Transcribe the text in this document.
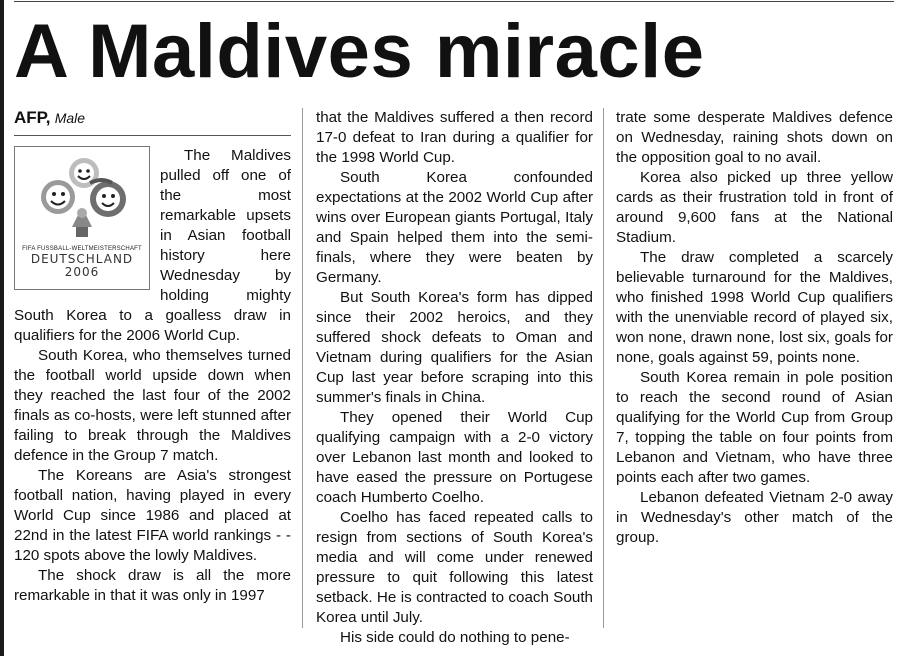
A Maldives miracle
AFP, Male
FIFA FUSSBALL-WELTMEISTERSCHAFT
DEUTSCHLAND
2006

The Maldives pulled off one of the most remarkable upsets in Asian football history here Wednesday by holding mighty South Korea to a goalless draw in qualifiers for the 2006 World Cup.

South Korea, who themselves turned the football world upside down when they reached the last four of the 2002 finals as co-hosts, were left stunned after failing to break through the Maldives defence in the Group 7 match.

The Koreans are Asia's strongest football nation, having played in every World Cup since 1986 and placed at 22nd in the latest FIFA world rankings - - 120 spots above the lowly Maldives.

The shock draw is all the more remarkable in that it was only in 1997

that the Maldives suffered a then record 17-0 defeat to Iran during a qualifier for the 1998 World Cup.

South Korea confounded expectations at the 2002 World Cup after wins over European giants Portugal, Italy and Spain helped them into the semi-finals, where they were beaten by Germany.

But South Korea's form has dipped since their 2002 heroics, and they suffered shock defeats to Oman and Vietnam during qualifiers for the Asian Cup last year before scraping into this summer's finals in China.

They opened their World Cup qualifying campaign with a 2-0 victory over Lebanon last month and looked to have eased the pressure on Portugese coach Humberto Coelho.

Coelho has faced repeated calls to resign from sections of South Korea's media and will come under renewed pressure to quit following this latest setback. He is contracted to coach South Korea until July.

His side could do nothing to pene-

trate some desperate Maldives defence on Wednesday, raining shots down on the opposition goal to no avail.

Korea also picked up three yellow cards as their frustration told in front of around 9,600 fans at the National Stadium.

The draw completed a scarcely believable turnaround for the Maldives, who finished 1998 World Cup qualifiers with the unenviable record of played six, won none, drawn none, lost six, goals for none, goals against 59, points none.

South Korea remain in pole position to reach the second round of Asian qualifying for the World Cup from Group 7, topping the table on four points from Lebanon and Vietnam, who have three points each after two games.

Lebanon defeated Vietnam 2-0 away in Wednesday's other match of the group.
